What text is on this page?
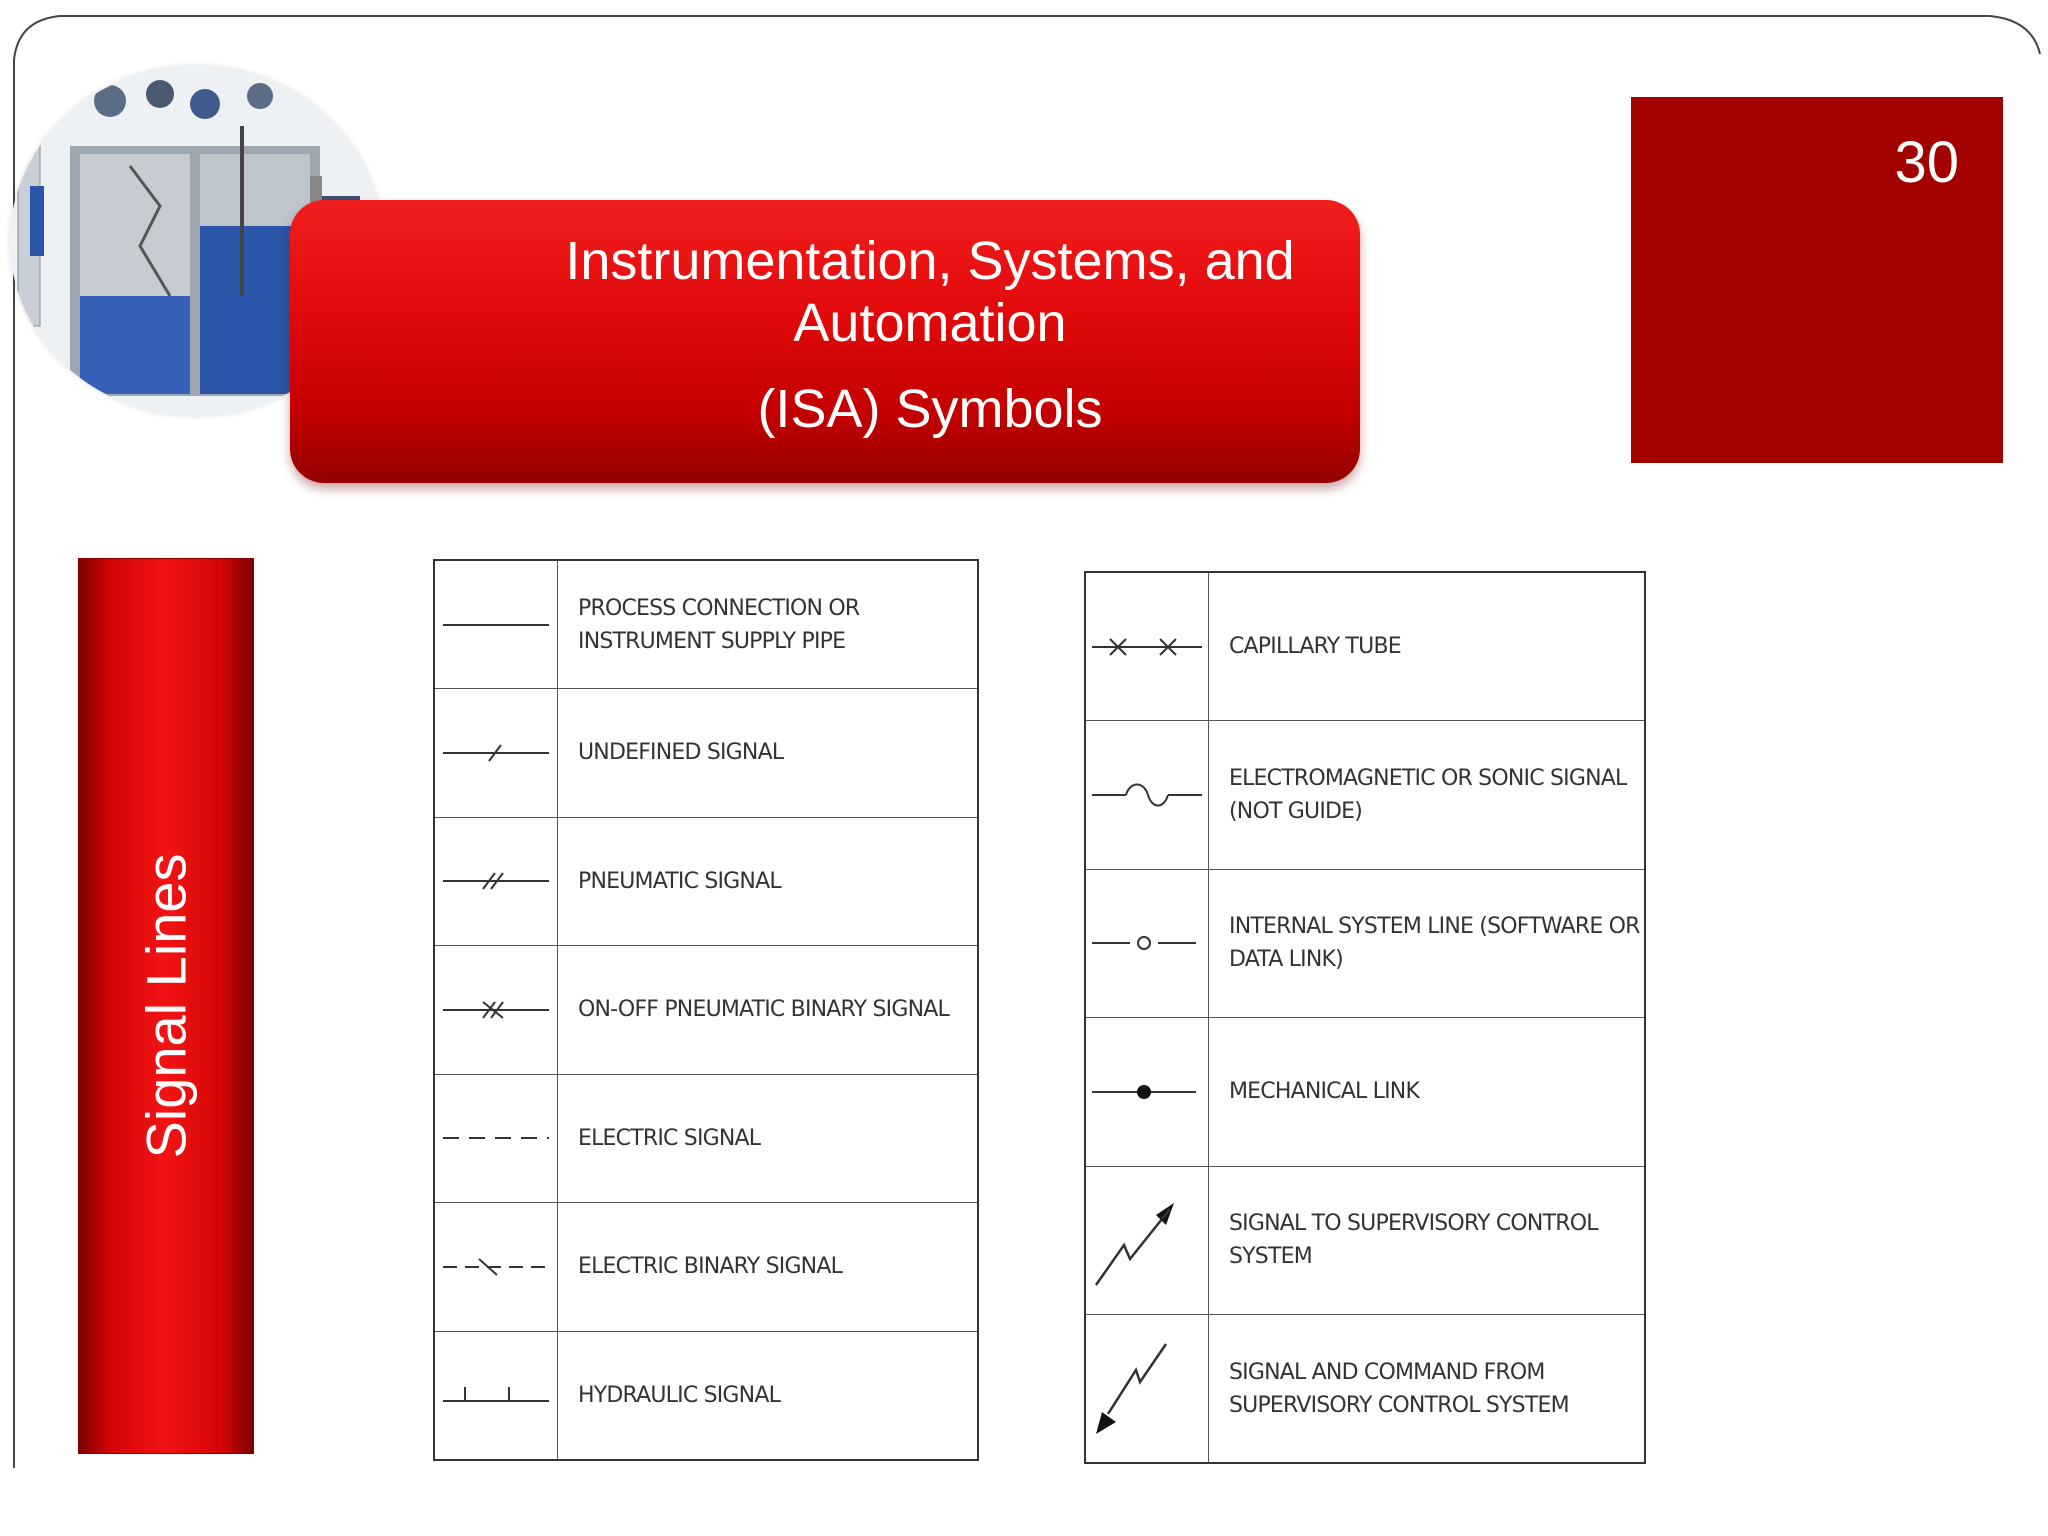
Instrumentation, Systems, and
Automation
(ISA) Symbols
30
Signal Lines

PROCESS CONNECTION OR
INSTRUMENT SUPPLY PIPE

UNDEFINED SIGNAL

PNEUMATIC SIGNAL

ON-OFF PNEUMATIC BINARY SIGNAL

ELECTRIC SIGNAL

ELECTRIC BINARY SIGNAL

HYDRAULIC SIGNAL

CAPILLARY TUBE

ELECTROMAGNETIC OR SONIC SIGNAL
(NOT GUIDE)

INTERNAL SYSTEM LINE (SOFTWARE OR
DATA LINK)

MECHANICAL LINK

SIGNAL TO SUPERVISORY CONTROL
SYSTEM

SIGNAL AND COMMAND FROM
SUPERVISORY CONTROL SYSTEM
